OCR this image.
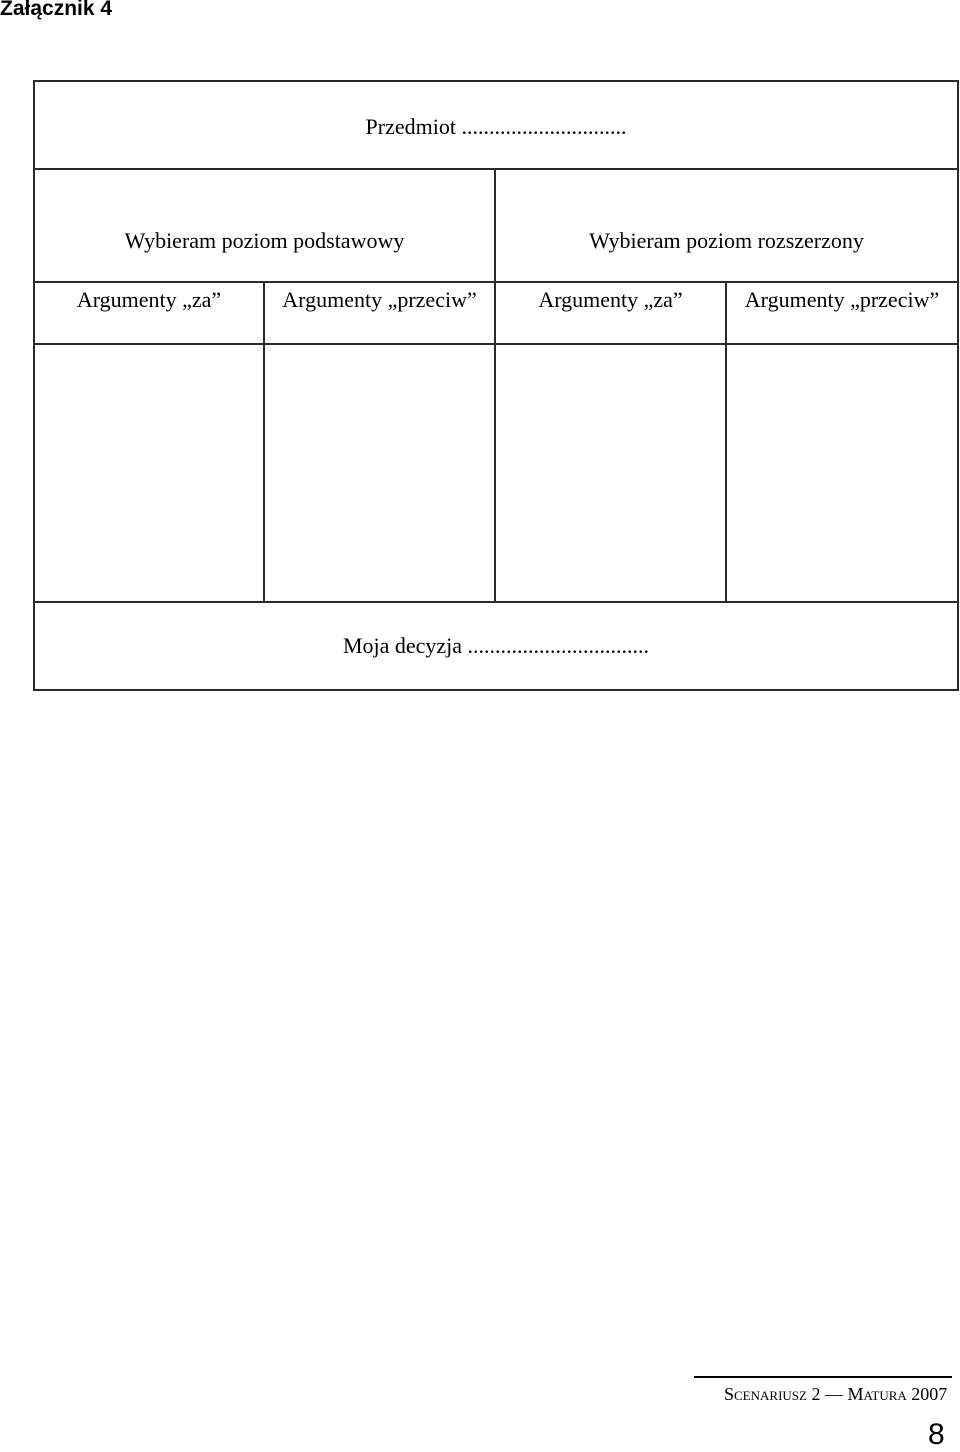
Załącznik 4
Przedmiot ..............................			
Wybieram poziom podstawowy		Wybieram poziom rozszerzony	
Argumenty „za”	Argumenty „przeciw”	Argumenty „za”	Argumenty „przeciw”

Moja decyzja .................................			
Scenariusz 2 — Matura 2007
8
